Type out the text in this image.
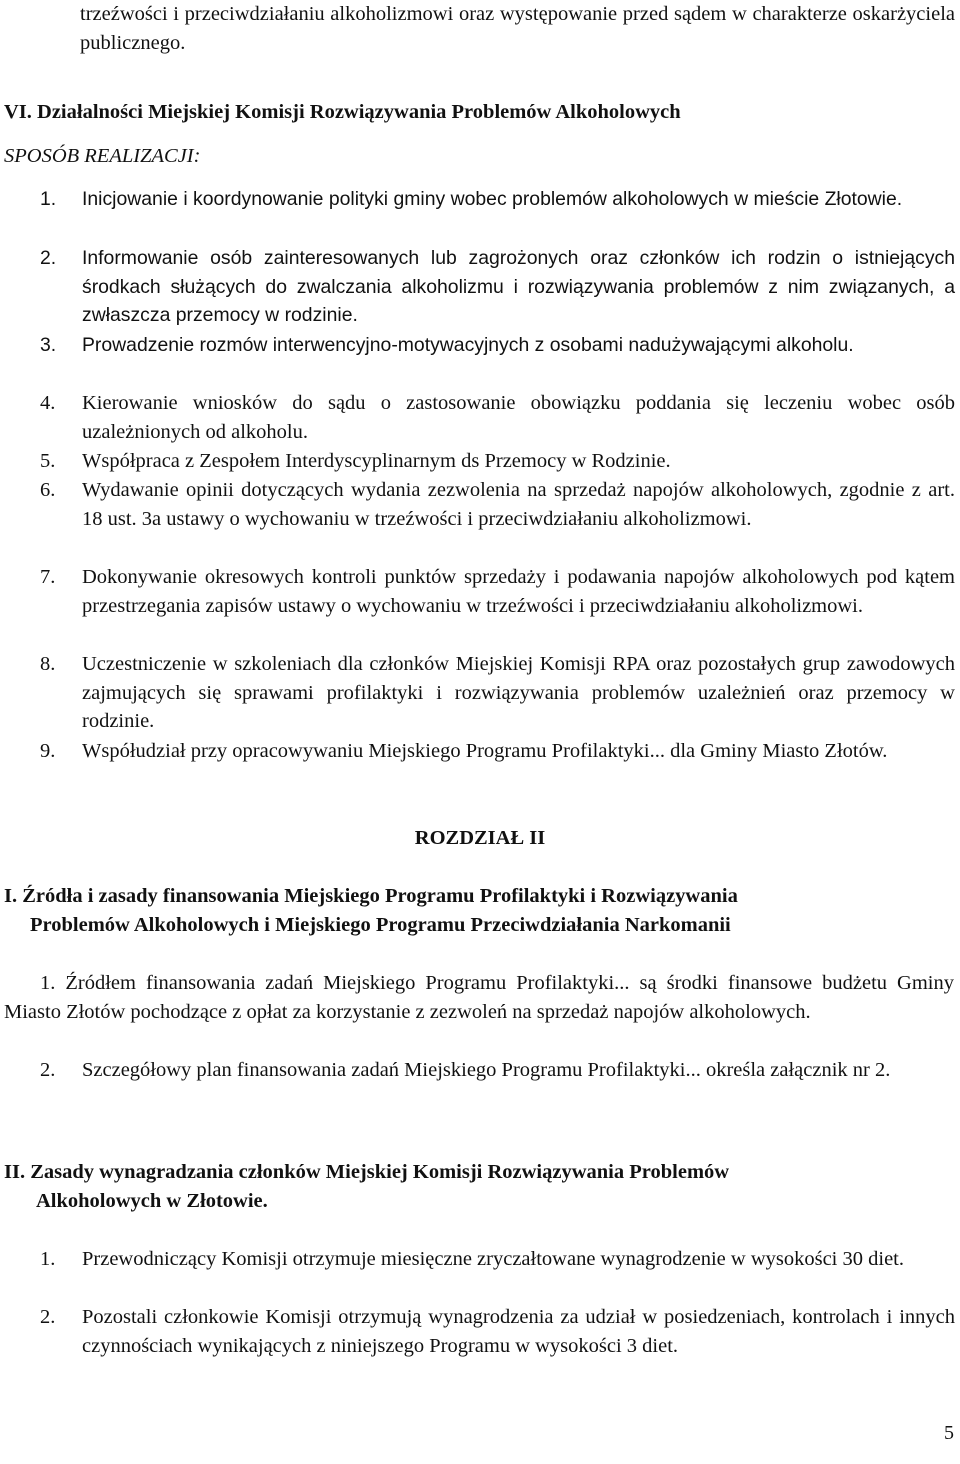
trzeźwości i przeciwdziałaniu alkoholizmowi oraz występowanie przed sądem w charakterze oskarżyciela publicznego.
VI. Działalności Miejskiej Komisji Rozwiązywania Problemów Alkoholowych
SPOSÓB REALIZACJI:
1.	Inicjowanie i koordynowanie polityki gminy wobec problemów alkoholowych w mieście Złotowie.
2.	Informowanie osób zainteresowanych lub zagrożonych oraz członków ich rodzin o istniejących środkach służących do zwalczania alkoholizmu i rozwiązywania problemów z nim związanych, a zwłaszcza przemocy w rodzinie.
3.	Prowadzenie rozmów interwencyjno-motywacyjnych z osobami nadużywającymi alkoholu.
4.	Kierowanie wniosków do sądu o zastosowanie obowiązku poddania się leczeniu wobec osób uzależnionych od alkoholu.
5.	Współpraca z Zespołem Interdyscyplinarnym ds Przemocy w Rodzinie.
6.	Wydawanie opinii dotyczących wydania zezwolenia na sprzedaż napojów alkoholowych, zgodnie z art. 18 ust. 3a ustawy o wychowaniu w trzeźwości i przeciwdziałaniu alkoholizmowi.
7.	Dokonywanie okresowych kontroli punktów sprzedaży i podawania napojów alkoholowych pod kątem przestrzegania zapisów ustawy o wychowaniu w trzeźwości i przeciwdziałaniu alkoholizmowi.
8.	Uczestniczenie w szkoleniach dla członków Miejskiej Komisji RPA oraz pozostałych grup zawodowych zajmujących się sprawami profilaktyki i rozwiązywania problemów uzależnień oraz przemocy w rodzinie.
9.	Współudział przy opracowywaniu Miejskiego Programu Profilaktyki... dla Gminy Miasto Złotów.
ROZDZIAŁ II
I. Źródła i zasady finansowania Miejskiego Programu Profilaktyki i Rozwiązywania
Problemów Alkoholowych i Miejskiego Programu Przeciwdziałania Narkomanii
1. Źródłem finansowania zadań Miejskiego Programu Profilaktyki... są środki finansowe budżetu Gminy Miasto Złotów pochodzące z opłat za korzystanie z zezwoleń na sprzedaż napojów alkoholowych.
2.	Szczegółowy plan finansowania zadań Miejskiego Programu Profilaktyki... określa załącznik nr 2.
II. Zasady wynagradzania członków Miejskiej Komisji Rozwiązywania Problemów
Alkoholowych w Złotowie.
1.	Przewodniczący Komisji otrzymuje miesięczne zryczałtowane wynagrodzenie w wysokości 30 diet.
2.	Pozostali członkowie Komisji otrzymują wynagrodzenia za udział w posiedzeniach, kontrolach i innych czynnościach wynikających z niniejszego Programu w wysokości 3 diet.
5
